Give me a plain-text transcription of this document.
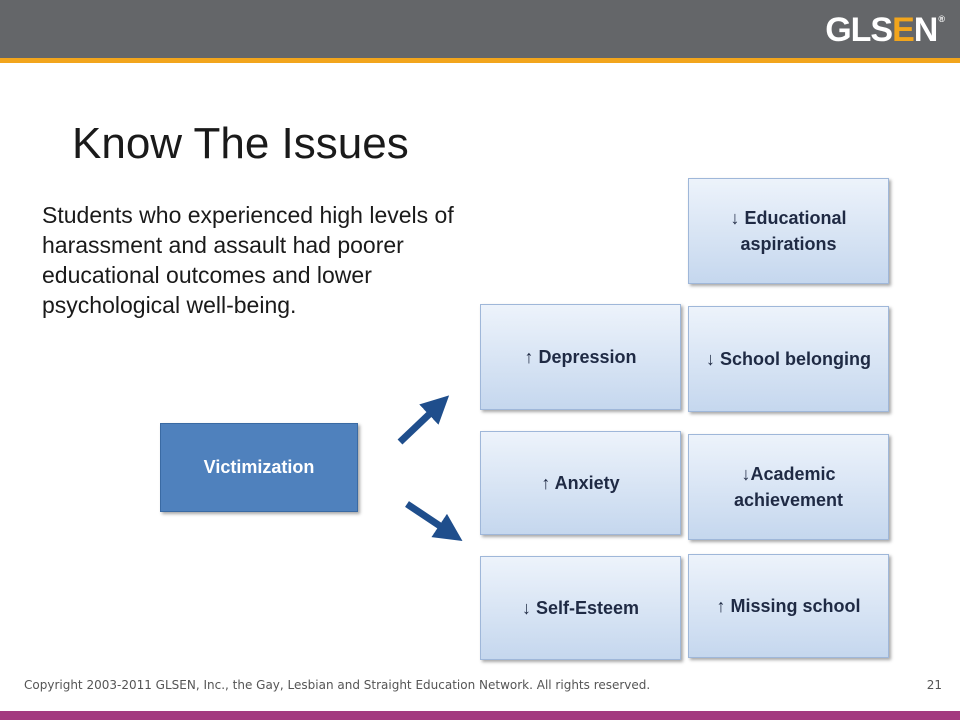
GLSEN®
Know The Issues

Students who experienced high levels of harassment and assault had poorer educational outcomes and lower psychological well-being.

Victimization
↑ Depression
↑ Anxiety
↓ Self-Esteem
↓ Educational aspirations
↓ School belonging
↓Academic achievement
↑ Missing school
Copyright 2003-2011 GLSEN, Inc., the Gay, Lesbian and Straight Education Network. All rights reserved.	21
